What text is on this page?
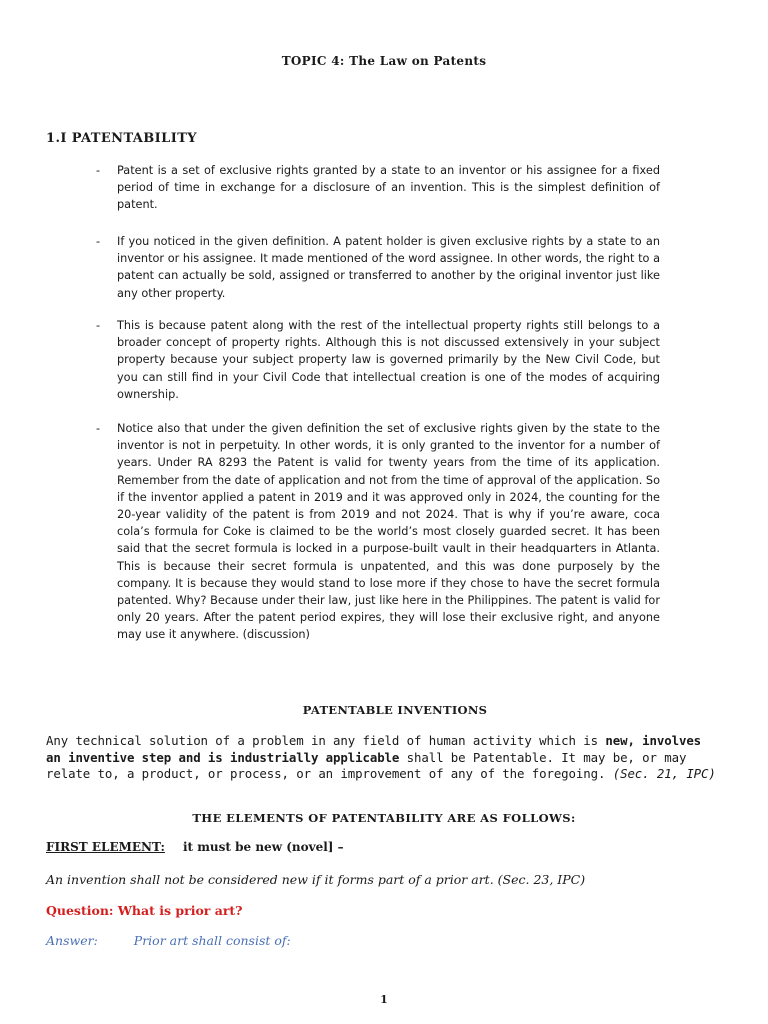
TOPIC 4: The Law on Patents
1.I PATENTABILITY
-	Patent is a set of exclusive rights granted by a state to an inventor or his assignee for a fixed period of time in exchange for a disclosure of an invention. This is the simplest definition of patent.
-	If you noticed in the given definition. A patent holder is given exclusive rights by a state to an inventor or his assignee. It made mentioned of the word assignee. In other words, the right to a patent can actually be sold, assigned or transferred to another by the original inventor just like any other property.
-	This is because patent along with the rest of the intellectual property rights still belongs to a broader concept of property rights. Although this is not discussed extensively in your subject property because your subject property law is governed primarily by the New Civil Code, but you can still find in your Civil Code that intellectual creation is one of the modes of acquiring ownership.
-	Notice also that under the given definition the set of exclusive rights given by the state to the inventor is not in perpetuity. In other words, it is only granted to the inventor for a number of years. Under RA 8293 the Patent is valid for twenty years from the time of its application. Remember from the date of application and not from the time of approval of the application. So if the inventor applied a patent in 2019 and it was approved only in 2024, the counting for the 20-year validity of the patent is from 2019 and not 2024. That is why if you’re aware, coca cola’s formula for Coke is claimed to be the world’s most closely guarded secret. It has been said that the secret formula is locked in a purpose-built vault in their headquarters in Atlanta. This is because their secret formula is unpatented, and this was done purposely by the company. It is because they would stand to lose more if they chose to have the secret formula patented. Why? Because under their law, just like here in the Philippines. The patent is valid for only 20 years. After the patent period expires, they will lose their exclusive right, and anyone may use it anywhere. (discussion)
PATENTABLE INVENTIONS
Any technical solution of a problem in any field of human activity which is new, involves an inventive step and is industrially applicable shall be Patentable. It may be, or may relate to, a product, or process, or an improvement of any of the foregoing. (Sec. 21, IPC)
THE ELEMENTS OF PATENTABILITY ARE AS FOLLOWS:
FIRST ELEMENT: it must be new (novel] –
An invention shall not be considered new if it forms part of a prior art. (Sec. 23, IPC)
Question: What is prior art?
Answer:	Prior art shall consist of:
1
